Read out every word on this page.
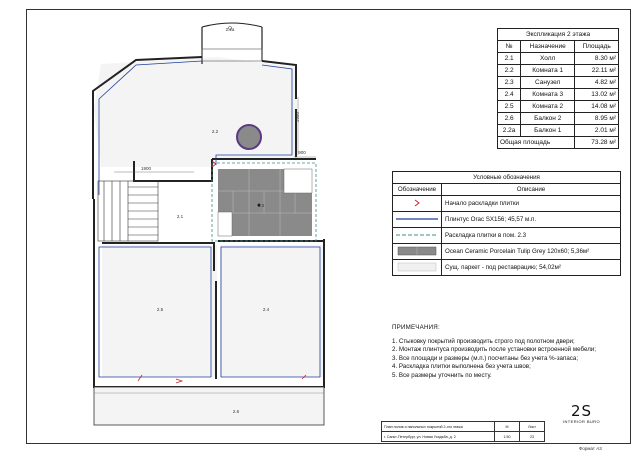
2.2а
2.2
2.3
2.1
2.5	2.4
2.6
1900
2950
900
Экспликация 2 этажа		
№	Назначение	Площадь
2.1	Холл	8.30 м²
2.2	Комната 1	22.11 м²
2.3	Санузел	4.82 м²
2.4	Комната 3	13.02 м²
2.5	Комната 2	14.08 м²
2.6	Балкон 2	8.95 м²
2.2а	Балкон 1	2.01 м²
Общая площадь		73.28 м²
Условные обозначения	
Обозначение	Описание
	Начало раскладки плитки
	Плинтус Orac SX156; 45,57 м.п.
	Раскладка плитки в пом. 2.3
	Ocean Ceramic Porcelain Tulip Grey 120x60; 5,36м²
	Сущ. паркет - под реставрацию; 54,02м²
ПРИМЕЧАНИЯ:
1. Стыковку покрытий производить строго под полотном двери;
2. Монтаж плинтуса производить после установки встроенной мебели;
3. Все площади и размеры (м.п.) посчитаны без учета %-запаса;
4. Раскладка плитки выполнена без учета швов;
5. Все размеры уточнить по месту.
План полов и напольных покрытий 2-ого этажа	М	Лист
г. Санкт-Петербург, ул. Новая Усадьба, д. 2	1:50	23
2S
INTERIOR BURO
Формат А3
